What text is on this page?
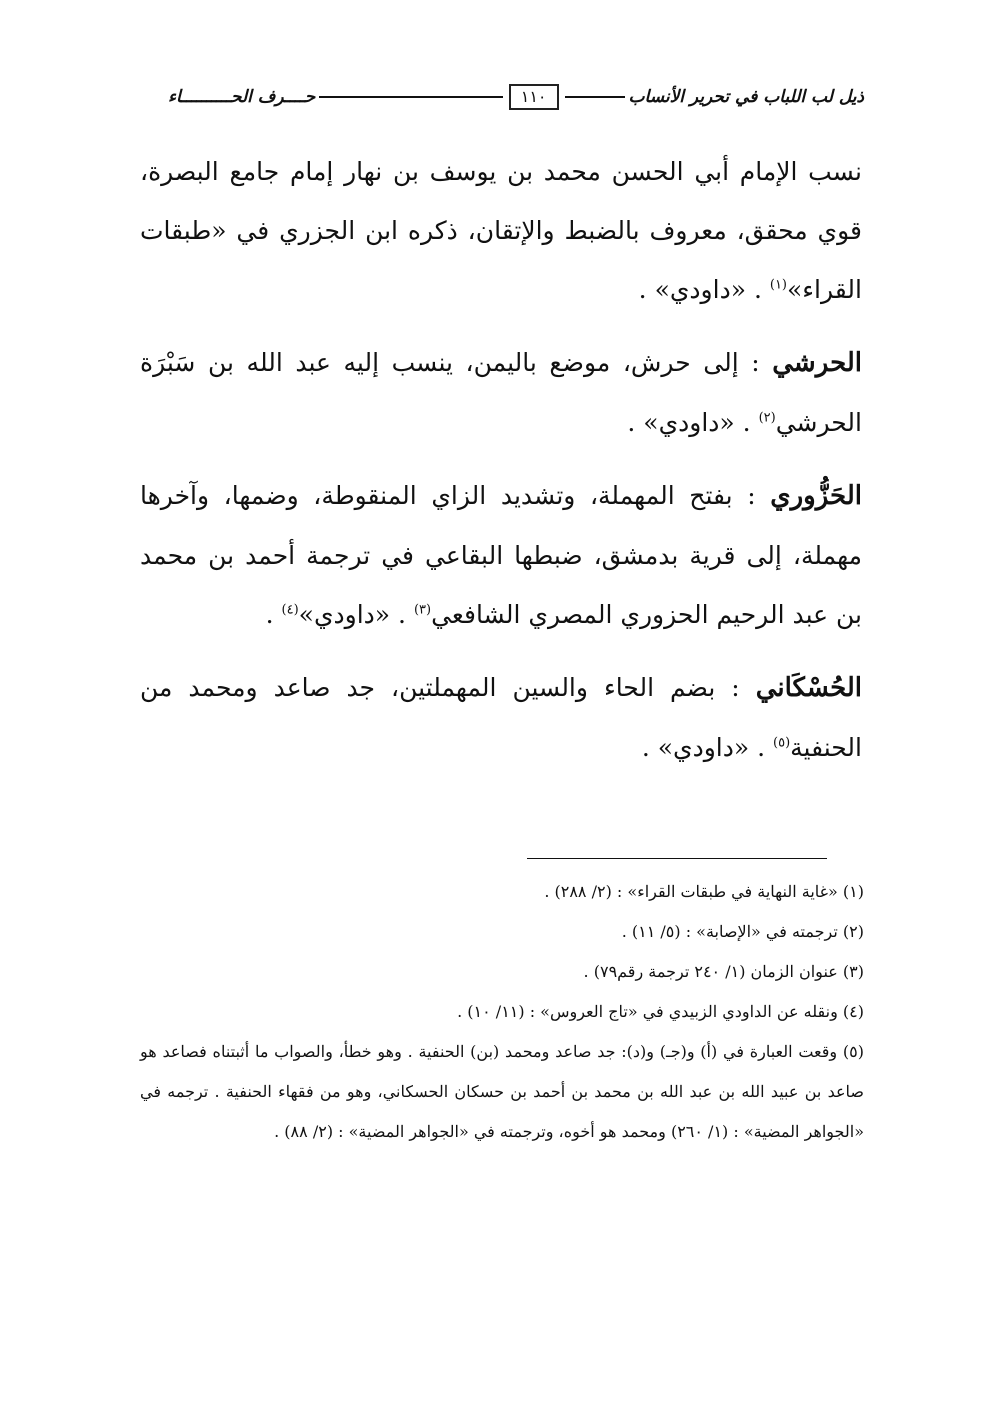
ذيل لب اللباب في تحرير الأنساب
١١٠
حــــرف الحــــــــــاء

نسب الإمام أبي الحسن محمد بن يوسف بن نهار إمام جامع البصرة، قوي محقق، معروف بالضبط والإتقان، ذكره ابن الجزري في «طبقات القراء»$^{(١)}$ . «داودي» .

الحرشي : إلى حرش، موضع باليمن، ينسب إليه عبد الله بن سَبْرَة الحرشي$^{(٢)}$ . «داودي» .

الحَزُّوري : بفتح المهملة، وتشديد الزاي المنقوطة، وضمها، وآخرها مهملة، إلى قرية بدمشق، ضبطها البقاعي في ترجمة أحمد بن محمد بن عبد الرحيم الحزوري المصري الشافعي$^{(٣)}$ . «داودي»$^{(٤)}$ .

الحُسْكَاني : بضم الحاء والسين المهملتين، جد صاعد ومحمد من الحنفية$^{(٥)}$ . «داودي» .

(١) «غاية النهاية في طبقات القراء» : (٢/ ٢٨٨) .

(٢) ترجمته في «الإصابة» : (٥/ ١١) .

(٣) عنوان الزمان (١/ ٢٤٠ ترجمة رقم٧٩) .

(٤) ونقله عن الداودي الزبيدي في «تاج العروس» : (١١/ ١٠) .

(٥) وقعت العبارة في (أ) و(جـ) و(د): جد صاعد ومحمد (بن) الحنفية . وهو خطأ، والصواب ما أثبتناه فصاعد هو صاعد بن عبيد الله بن عبد الله بن محمد بن أحمد بن حسكان الحسكاني، وهو من فقهاء الحنفية . ترجمه في «الجواهر المضية» : (١/ ٢٦٠) ومحمد هو أخوه، وترجمته في «الجواهر المضية» : (٢/ ٨٨) .
